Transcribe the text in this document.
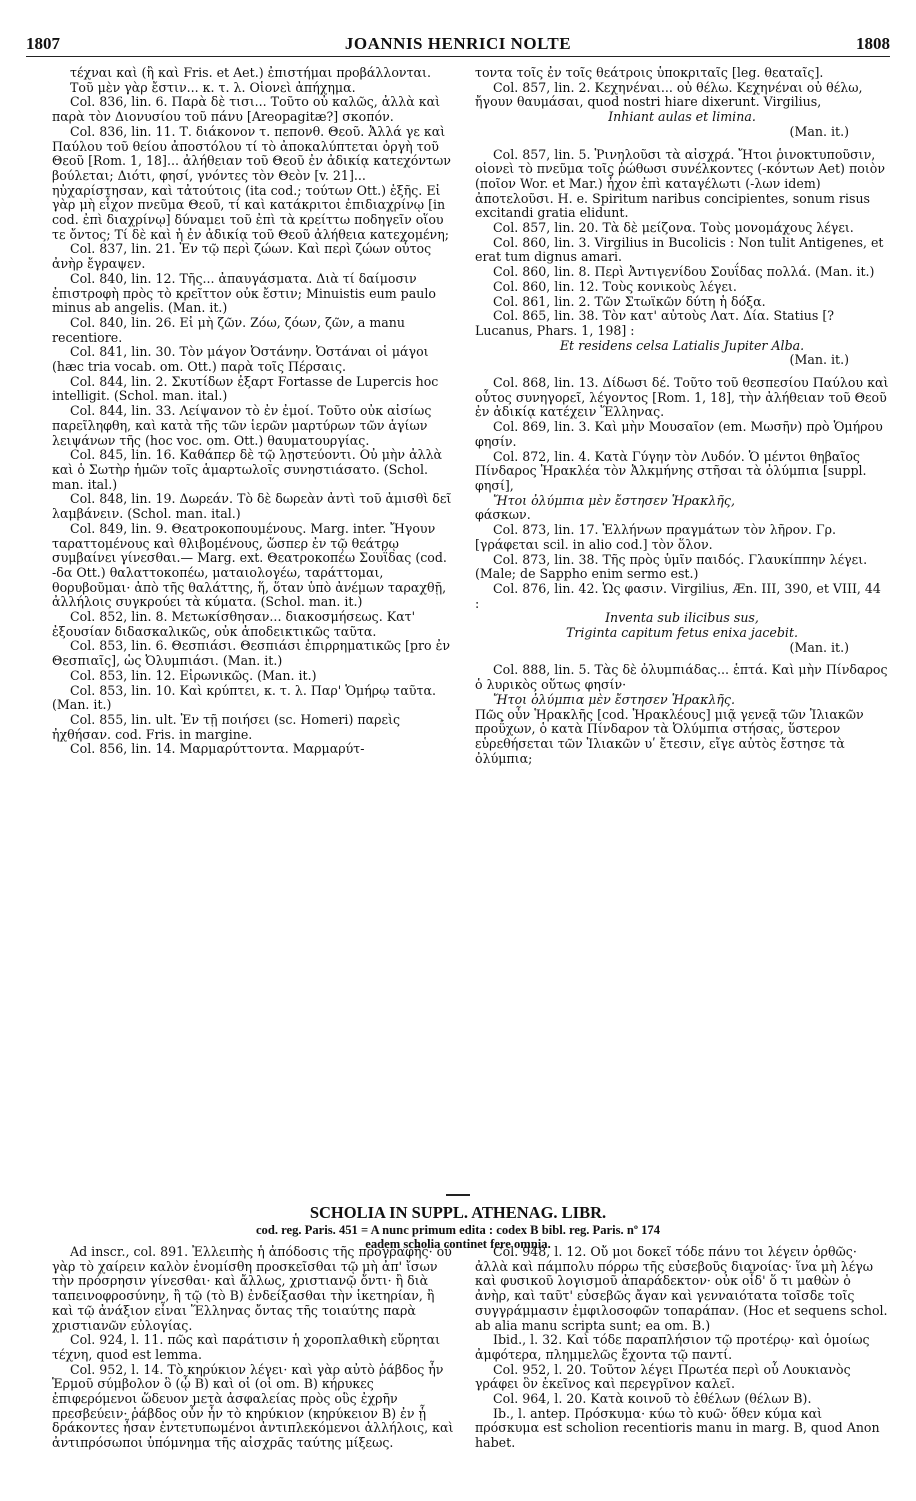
1807	JOANNIS HENRICI NOLTE	1808

τέχναι καὶ (ἢ καὶ Fris. et Aet.) ἐπιστήμαι προβάλλονται.

Τοῦ μὲν γὰρ ἔστιν... κ. τ. λ. Οἱονεὶ ἀπήχημα.

Col. 836, lin. 6. Παρὰ δὲ τισι... Τοῦτο οὐ καλῶς, ἀλλὰ καὶ παρὰ τὸν Διονυσίου τοῦ πάνυ [Areopagitæ?] σκοπόν.

Col. 836, lin. 11. Τ. διάκονον τ. πεπονθ. Θεοῦ. Ἀλλά γε καὶ Παύλου τοῦ θείου ἀποστόλου τί τὸ ἀποκαλύπτεται ὀργὴ τοῦ Θεοῦ [Rom. 1, 18]... ἀλήθειαν τοῦ Θεοῦ ἐν ἀδικίᾳ κατεχόντων βούλεται; Διότι, φησί, γνόντες τὸν Θεὸν [v. 21]... ηὐχαρίστησαν, καὶ τἀτούτοις (ita cod.; τούτων Ott.) ἑξῆς. Εἰ γὰρ μὴ εἶχον πνεῦμα Θεοῦ, τί καὶ κατάκριτοι ἐπιδιαχρίνῳ [in cod. ἐπὶ διαχρίνῳ] δύναμει τοῦ ἐπὶ τὰ κρείττω ποδηγεῖν οἵου τε ὄντος; Τί δὲ καὶ ἡ ἐν ἀδικίᾳ τοῦ Θεοῦ ἀλήθεια κατεχομένη;

Col. 837, lin. 21. Ἐν τῷ περὶ ζώων. Καὶ περὶ ζώων οὗτος ἀνὴρ ἔγραψεν.

Col. 840, lin. 12. Τῆς... ἀπαυγάσματα. Διὰ τί δαίμοσιν ἐπιστροφὴ πρὸς τὸ κρεῖττον οὐκ ἔστιν; Minuistis eum paulo minus ab angelis. (Man. it.)

Col. 840, lin. 26. Εἰ μὴ ζῶν. Ζόω, ζόων, ζῶν, a manu recentiore.

Col. 841, lin. 30. Τὸν μάγον Ὀστάνην. Ὀστάναι οἱ μάγοι (hæc tria vocab. om. Ott.) παρὰ τοῖς Πέρσαις.

Col. 844, lin. 2. Σκυτίδων ἐξαρτ Fortasse de Lupercis hoc intelligit. (Schol. man. ital.)

Col. 844, lin. 33. Λείψανον τὸ ἐν ἐμοί. Τοῦτο οὐκ αἰσίως παρεῖληφθη, καὶ κατὰ τῆς τῶν ἱερῶν μαρτύρων τῶν ἁγίων λειψάνων τῆς (hoc voc. om. Ott.) θαυματουργίας.

Col. 845, lin. 16. Καθάπερ δὲ τῷ λῃστεύοντι. Οὐ μὴν ἀλλὰ καὶ ὁ Σωτὴρ ἡμῶν τοῖς ἁμαρτωλοῖς συνηστιάσατο. (Schol. man. ital.)

Col. 848, lin. 19. Δωρεάν. Τὸ δὲ δωρεὰν ἀντὶ τοῦ ἀμισθὶ δεῖ λαμβάνειν. (Schol. man. ital.)

Col. 849, lin. 9. Θεατροκοπουμένους. Marg. inter. Ἤγουν ταραττομένους καὶ θλιβομένους, ὥσπερ ἐν τῷ θεάτρῳ συμβαίνει γίνεσθαι.— Marg. ext. Θεατροκοπέω Σουΐδας (cod. -δα Ott.) θαλαττοκοπέω, ματαιολογέω, ταράττομαι, θορυβοῦμαι· ἀπὸ τῆς θαλάττης, ἥ, ὅταν ὑπὸ ἀνέμων ταραχθῇ, ἀλλήλοις συγκρούει τὰ κύματα. (Schol. man. it.)

Col. 852, lin. 8. Μετωκίσθησαν... διακοσμήσεως. Κατ' ἐξουσίαν διδασκαλικῶς, οὐκ ἀποδεικτικῶς ταῦτα.

Col. 853, lin. 6. Θεσπιάσι. Θεσπιάσι ἐπιρρηματικῶς [pro ἐν Θεσπιαῖς], ὡς Ὀλυμπιάσι. (Man. it.)

Col. 853, lin. 12. Εἰρωνικῶς. (Man. it.)

Col. 853, lin. 10. Καὶ κρύπτει, κ. τ. λ. Παρ' Ὁμήρῳ ταῦτα. (Man. it.)

Col. 855, lin. ult. Ἐν τῇ ποιήσει (sc. Homeri) παρεὶς ἠχθήσαν. cod. Fris. in margine.

Col. 856, lin. 14. Μαρμαρύττοντα. Μαρμαρύτ-

τοντα τοῖς ἐν τοῖς θεάτροις ὑποκριταῖς [leg. θεαταῖς].

Col. 857, lin. 2. Κεχηνέναι... οὐ θέλω. Κεχηνέναι οὐ θέλω, ἤγουν θαυμάσαι, quod nostri hiare dixerunt. Virgilius,

Inhiant aulas et limina.

(Man. it.)

Col. 857, lin. 5. Ῥινηλοῦσι τὰ αἰσχρά. Ἤτοι ῥινοκτυποῦσιν, οἱονεὶ τὸ πνεῦμα τοῖς ῥώθωσι συνέλκοντες (-κόντων Aet) ποιὸν (ποῖον Wor. et Mar.) ἦχον ἐπὶ καταγέλωτι (-λων idem) ἀποτελοῦσι. H. e. Spiritum naribus concipientes, sonum risus excitandi gratia elidunt.

Col. 857, lin. 20. Τὰ δὲ μείζονα. Τοὺς μονομάχους λέγει.

Col. 860, lin. 3. Virgilius in Bucolicis : Non tulit Antigenes, et erat tum dignus amari.

Col. 860, lin. 8. Περὶ Ἀντιγενίδου Σουΐδας πολλά. (Man. it.)

Col. 860, lin. 12. Τοὺς κονικοὺς λέγει.

Col. 861, lin. 2. Τῶν Στωϊκῶν δύτη ἡ δόξα.

Col. 865, lin. 38. Τὸν κατ' αὐτοὺς Λατ. Δία. Statius [? Lucanus, Phars. 1, 198] :

Et residens celsa Latialis Jupiter Alba.

(Man. it.)

Col. 868, lin. 13. Δίδωσι δέ. Τοῦτο τοῦ θεσπεσίου Παύλου καὶ οὗτος συνηγορεῖ, λέγοντος [Rom. 1, 18], τὴν ἀλήθειαν τοῦ Θεοῦ ἐν ἀδικίᾳ κατέχειν Ἕλληνας.

Col. 869, lin. 3. Καὶ μὴν Μουσαῖον (em. Μωσῆν) πρὸ Ὁμήρου φησίν.

Col. 872, lin. 4. Κατὰ Γύγην τὸν Λυδόν. Ὁ μέντοι θηβαῖος Πίνδαρος Ἡρακλέα τὸν Ἀλκμήνης στῆσαι τὰ ὀλύμπια [suppl. φησί],

Ἤτοι ὀλύμπια μὲν ἔστησεν Ἡρακλῆς,

φάσκων.

Col. 873, lin. 17. Ἑλλήνων πραγμάτων τὸν λῆρον. Γρ. [γράφεται scil. in alio cod.] τὸν ὅλον.

Col. 873, lin. 38. Τῆς πρὸς ὑμῖν παιδός. Γλαυκίππην λέγει. (Male; de Sappho enim sermo est.)

Col. 876, lin. 42. Ὡς φασιν. Virgilius, Æn. III, 390, et VIII, 44 :

Inventa sub ilicibus sus,

Triginta capitum fetus enixa jacebit.

(Man. it.)

Col. 888, lin. 5. Τὰς δὲ ὀλυμπιάδας... ἑπτά. Καὶ μὴν Πίνδαρος ὁ λυρικὸς οὕτως φησίν·

Ἤτοι ὀλύμπια μὲν ἔστησεν Ἡρακλῆς.

Πῶς οὖν Ἡρακλῆς [cod. Ἡρακλέους] μιᾷ γενεᾷ τῶν Ἰλιακῶν προΰχων, ὁ κατὰ Πίνδαρον τὰ Ὀλύμπια στήσας, ὕστερον εὑρεθήσεται τῶν Ἰλιακῶν υʹ ἔτεσιν, εἴγε αὐτὸς ἔστησε τὰ ὀλύμπια;

SCHOLIA IN SUPPL. ATHENAG. LIBR.
cod. reg. Paris. 451 = A nunc primum edita : codex B bibl. reg. Paris. nº 174
eadem scholia continet fere omnia.

Ad inscr., col. 891. Ἐλλειπὴς ἡ ἀπόδοσις τῆς προγραφῆς· οὐ γὰρ τὸ χαίρειν καλὸν ἐνομίσθη προσκεῖσθαι τῷ μὴ ἀπ' ἴσων τὴν πρόσρησιν γίνεσθαι· καὶ ἄλλως, χριστιανῷ ὄντι· ἢ διὰ ταπεινοφροσύνην, ἢ τῷ (τὸ B) ἐνδείξασθαι τὴν ἱκετηρίαν, ἢ καὶ τῷ ἀνάξιον εἶναι Ἕλληνας ὄντας τῆς τοιαύτης παρὰ χριστιανῶν εὐλογίας.

Col. 924, l. 11. πῶς καὶ παράτισιν ἡ χοροπλαθικὴ εὕρηται τέχνη, quod est lemma.

Col. 952, l. 14. Τὸ κηρύκιον λέγει· καὶ γὰρ αὐτὸ ῥάβδος ἦν Ἑρμοῦ σύμβολον ὃ (ᾧ B) καὶ οἱ (οἱ om. B) κήρυκες ἐπιφερόμενοι ὥδευον μετὰ ἀσφαλείας πρὸς οὓς ἐχρῆν πρεσβεύειν· ῥάβδος οὖν ἦν τὸ κηρύκιον (κηρύκειον B) ἐν ᾗ δράκοντες ἦσαν ἐντετυπωμένοι ἀντιπλεκόμενοι ἀλλήλοις, καὶ ἀντιπρόσωποι ὑπόμνημα τῆς αἰσχρᾶς ταύτης μίξεως.

Col. 948, l. 12. Οὔ μοι δοκεῖ τόδε πάνυ τοι λέγειν ὀρθῶς· ἀλλὰ καὶ πάμπολυ πόρρω τῆς εὐσεβοῦς διανοίας· ἵνα μὴ λέγω καὶ φυσικοῦ λογισμοῦ ἀπαράδεκτον· οὐκ οἶδ' ὅ τι μαθὼν ὁ ἀνὴρ, καὶ ταῦτ' εὐσεβῶς ἄγαν καὶ γενναιότατα τοῖσδε τοῖς συγγράμμασιν ἐμφιλοσοφῶν τοπαράπαν. (Hoc et sequens schol. ab alia manu scripta sunt; ea om. B.)

Ibid., l. 32. Καὶ τόδε παραπλήσιον τῷ προτέρῳ· καὶ ὁμοίως ἀμφότερα, πλημμελῶς ἔχοντα τῷ παντί.

Col. 952, l. 20. Τοῦτον λέγει Πρωτέα περὶ οὗ Λουκιανὸς γράφει ὃν ἐκεῖνος καὶ περεγρῖνον καλεῖ.

Col. 964, l. 20. Κατὰ κοινοῦ τὸ ἐθέλων (θέλων B).

Ib., l. antep. Πρόσκυμα· κύω τὸ κυῶ· ὅθεν κύμα καὶ πρόσκυμα est scholion recentioris manu in marg. B, quod Anon habet.
